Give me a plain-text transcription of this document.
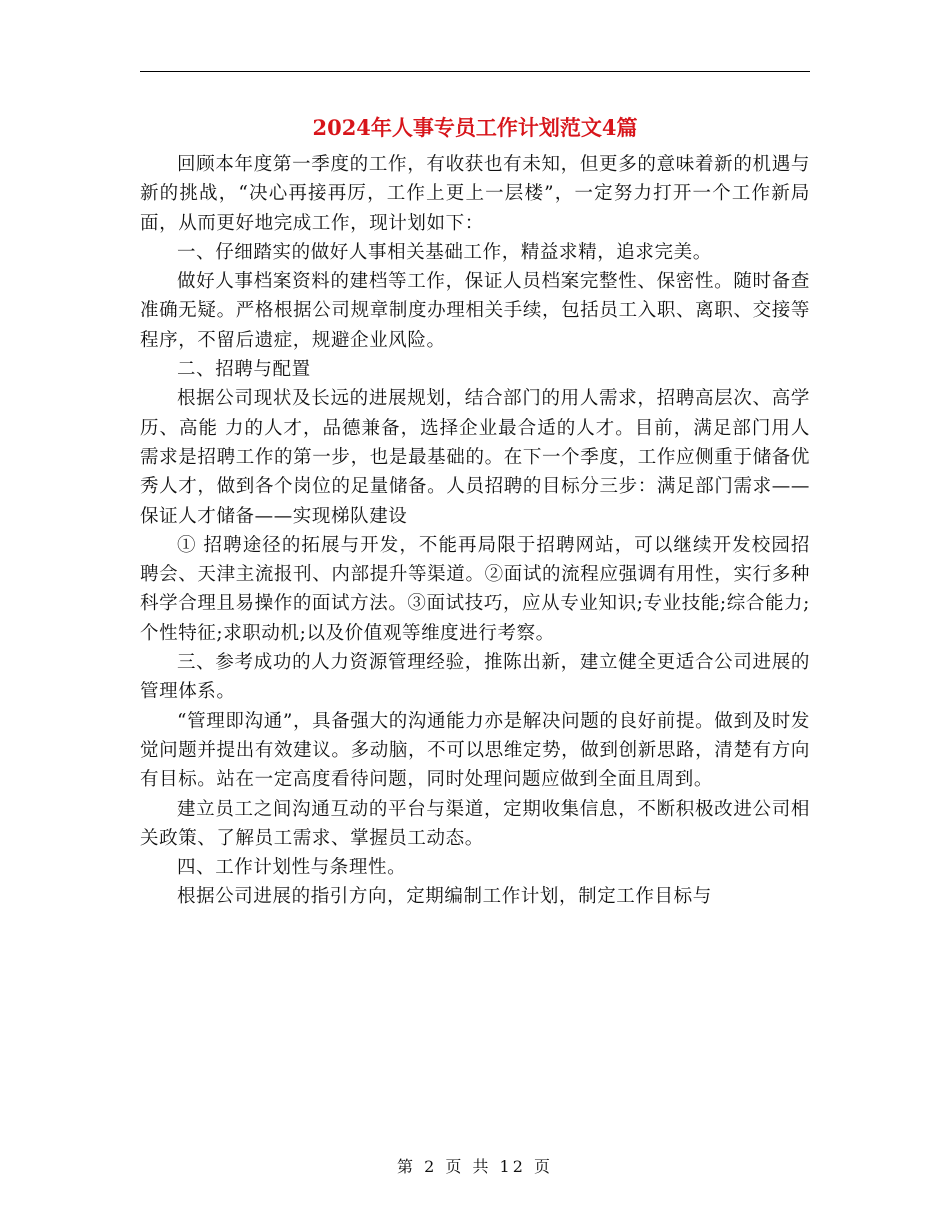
2024年人事专员工作计划范文4篇

回顾本年度第一季度的工作，有收获也有未知，但更多的意味着新的机遇与新的挑战，“决心再接再厉，工作上更上一层楼”，一定努力打开一个工作新局面，从而更好地完成工作，现计划如下：

一、仔细踏实的做好人事相关基础工作，精益求精，追求完美。

做好人事档案资料的建档等工作，保证人员档案完整性、保密性。随时备查 准确无疑。严格根据公司规章制度办理相关手续，包括员工入职、离职、交接等程序，不留后遗症，规避企业风险。

二、招聘与配置

根据公司现状及长远的进展规划，结合部门的用人需求，招聘高层次、高学历、高能 力的人才，品德兼备，选择企业最合适的人才。目前，满足部门用人需求是招聘工作的第一步，也是最基础的。在下一个季度，工作应侧重于储备优秀人才，做到各个岗位的足量储备。人员招聘的目标分三步：满足部门需求——保证人才储备——实现梯队建设

① 招聘途径的拓展与开发，不能再局限于招聘网站，可以继续开发校园招聘会、天津主流报刊、内部提升等渠道。②面试的流程应强调有用性，实行多种科学合理且易操作的面试方法。③面试技巧，应从专业知识;专业技能;综合能力;个性特征;求职动机;以及价值观等维度进行考察。

三、参考成功的人力资源管理经验，推陈出新，建立健全更适合公司进展的管理体系。

“管理即沟通”，具备强大的沟通能力亦是解决问题的良好前提。做到及时发觉问题并提出有效建议。多动脑，不可以思维定势，做到创新思路，清楚有方向有目标。站在一定高度看待问题，同时处理问题应做到全面且周到。

建立员工之间沟通互动的平台与渠道，定期收集信息，不断积极改进公司相关政策、了解员工需求、掌握员工动态。

四、工作计划性与条理性。

根据公司进展的指引方向，定期编制工作计划，制定工作目标与

第 2 页 共 12 页
